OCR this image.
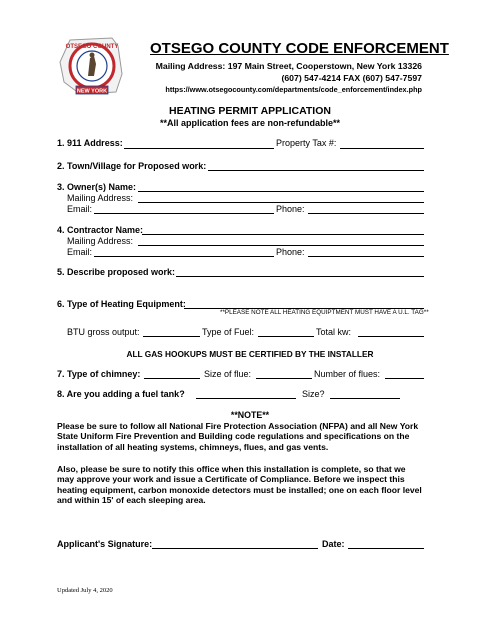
OTSEGO COUNTY
NEW YORK
OTSEGO COUNTY CODE ENFORCEMENT
Mailing Address: 197 Main Street, Cooperstown, New York 13326
(607) 547-4214 FAX (607) 547-7597
https://www.otsegocounty.com/departments/code_enforcement/index.php
HEATING PERMIT APPLICATION
**All application fees are non-refundable**
1. 911 Address:	Property Tax #:
2. Town/Village for Proposed work:
3. Owner(s) Name:
Mailing Address:
Email:	Phone:
4. Contractor Name:
Mailing Address:
Email:	Phone:
5. Describe proposed work:
6. Type of Heating Equipment:
**PLEASE NOTE ALL HEATING EQUIPTMENT MUST HAVE A U.L. TAG**
BTU gross output:	Type of Fuel:	Total kw:
ALL GAS HOOKUPS MUST BE CERTIFIED BY THE INSTALLER
7. Type of chimney:	Size of flue:	Number of flues:
8. Are you adding a fuel tank?	Size?
**NOTE**
Please be sure to follow all National Fire Protection Association (NFPA) and all New York State Uniform Fire Prevention and Building code regulations and specifications on the installation of all heating systems, chimneys, flues, and gas vents.
Also, please be sure to notify this office when this installation is complete, so that we may approve your work and issue a Certificate of Compliance. Before we inspect this heating equipment, carbon monoxide detectors must be installed; one on each floor level and within 15' of each sleeping area.
Applicant's Signature:	Date:
Updated July 4, 2020
